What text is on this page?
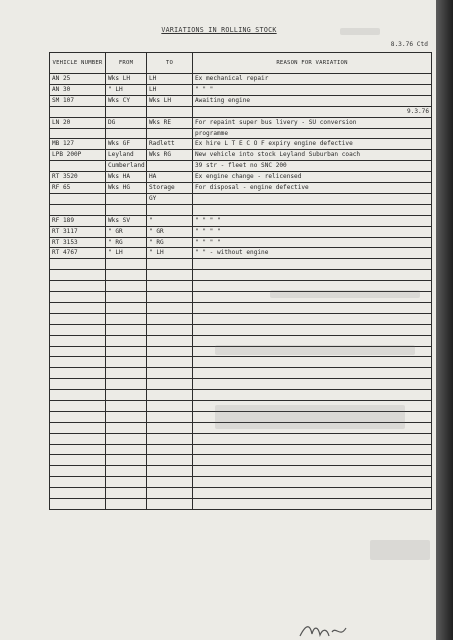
VARIATIONS IN ROLLING STOCK
8.3.76 Ctd
VEHICLE NUMBER	FROM	TO	REASON FOR VARIATION
AN 25	Wks LH	LH	Ex mechanical repair
AN 30	" LH	LH	" " "
SM 107	Wks CY	Wks LH	Awaiting engine
			9.3.76
LN 20	DG	Wks RE	For repaint super bus livery - SU conversion
			programme
MB 127	Wks GF	Radlett	Ex hire L T E C O F expiry engine defective
LPB 200P	Leyland	Wks RG	New vehicle into stock Leyland Suburban coach
	Cumberland		39 str - fleet no SNC 200
RT 3520	Wks HA	HA	Ex engine change - relicensed
RF 65	Wks HG	Storage	For disposal - engine defective
		GY	

RF 189	Wks SV	"	" " " "
RT 3117	" GR	" GR	" " " "
RT 3153	" RG	" RG	" " " "
RT 4767	" LH	" LH	" " - without engine
